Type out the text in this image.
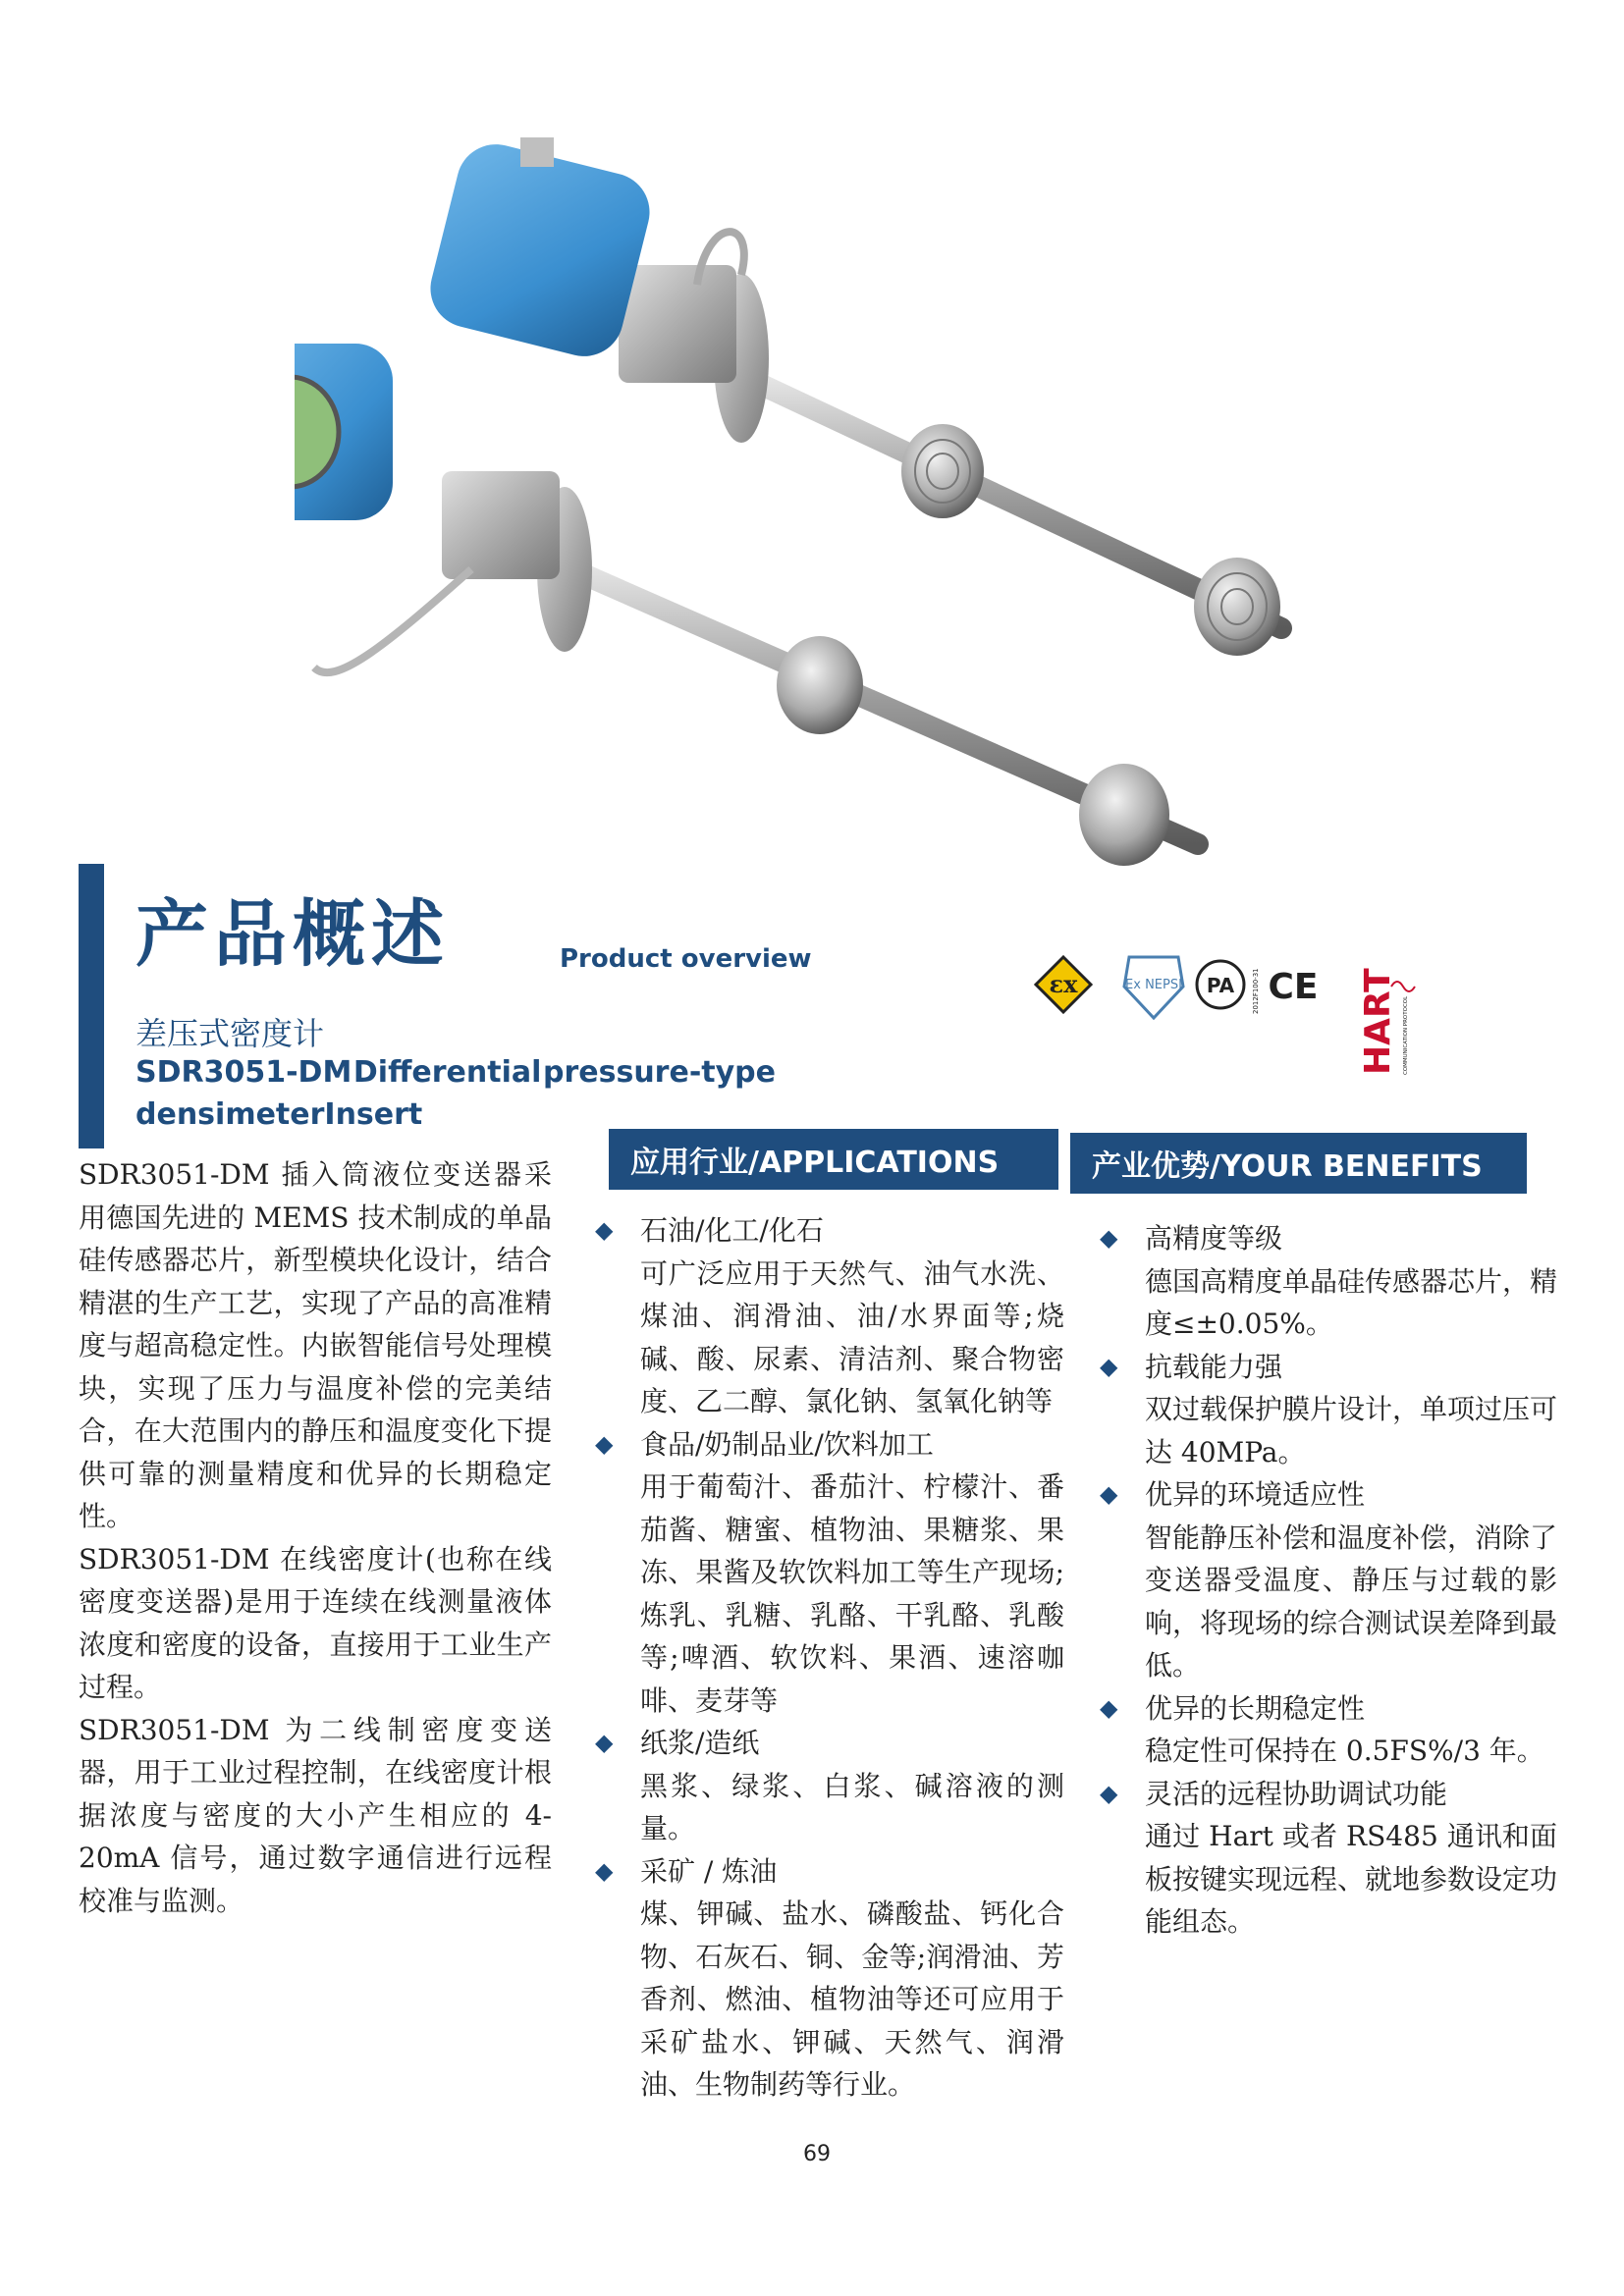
产品概述	Product overview
差压式密度计
SDR3051-DM Differential pressure-type
densimeterInsert
εx	Ex NEPSI PA	2012F100-31 CE HART COMMUNICATION PROTOCOL

SDR3051-DM 插入筒液位变送器采用德国先进的 MEMS 技术制成的单晶硅传感器芯片，新型模块化设计，结合精湛的生产工艺，实现了产品的高准精度与超高稳定性。内嵌智能信号处理模块，实现了压力与温度补偿的完美结合，在大范围内的静压和温度变化下提供可靠的测量精度和优异的长期稳定性。

SDR3051-DM 在线密度计(也称在线密度变送器)是用于连续在线测量液体浓度和密度的设备，直接用于工业生产过程。

SDR3051-DM 为二线制密度变送器，用于工业过程控制，在线密度计根据浓度与密度的大小产生相应的 4-20mA 信号，通过数字通信进行远程校准与监测。

应用行业/APPLICATIONS
◆ 石油/化工/化石
可广泛应用于天然气、油气水洗、煤油、润滑油、油/水界面等;烧碱、酸、尿素、清洁剂、聚合物密度、乙二醇、氯化钠、氢氧化钠等
◆ 食品/奶制品业/饮料加工
用于葡萄汁、番茄汁、柠檬汁、番茄酱、糖蜜、植物油、果糖浆、果冻、果酱及软饮料加工等生产现场;炼乳、乳糖、乳酪、干乳酪、乳酸等;啤酒、软饮料、果酒、速溶咖啡、麦芽等
◆ 纸浆/造纸
黑浆、绿浆、白浆、碱溶液的测量。
◆ 采矿 / 炼油
煤、钾碱、盐水、磷酸盐、钙化合物、石灰石、铜、金等;润滑油、芳香剂、燃油、植物油等还可应用于采矿盐水、钾碱、天然气、润滑油、生物制药等行业。
产业优势/YOUR BENEFITS
◆ 高精度等级
德国高精度单晶硅传感器芯片，精度≤±0.05%。
◆ 抗载能力强
双过载保护膜片设计，单项过压可达 40MPa。
◆ 优异的环境适应性
智能静压补偿和温度补偿，消除了变送器受温度、静压与过载的影响，将现场的综合测试误差降到最低。
◆ 优异的长期稳定性
稳定性可保持在 0.5FS%/3 年。
◆ 灵活的远程协助调试功能
通过 Hart 或者 RS485 通讯和面板按键实现远程、就地参数设定功能组态。
69
